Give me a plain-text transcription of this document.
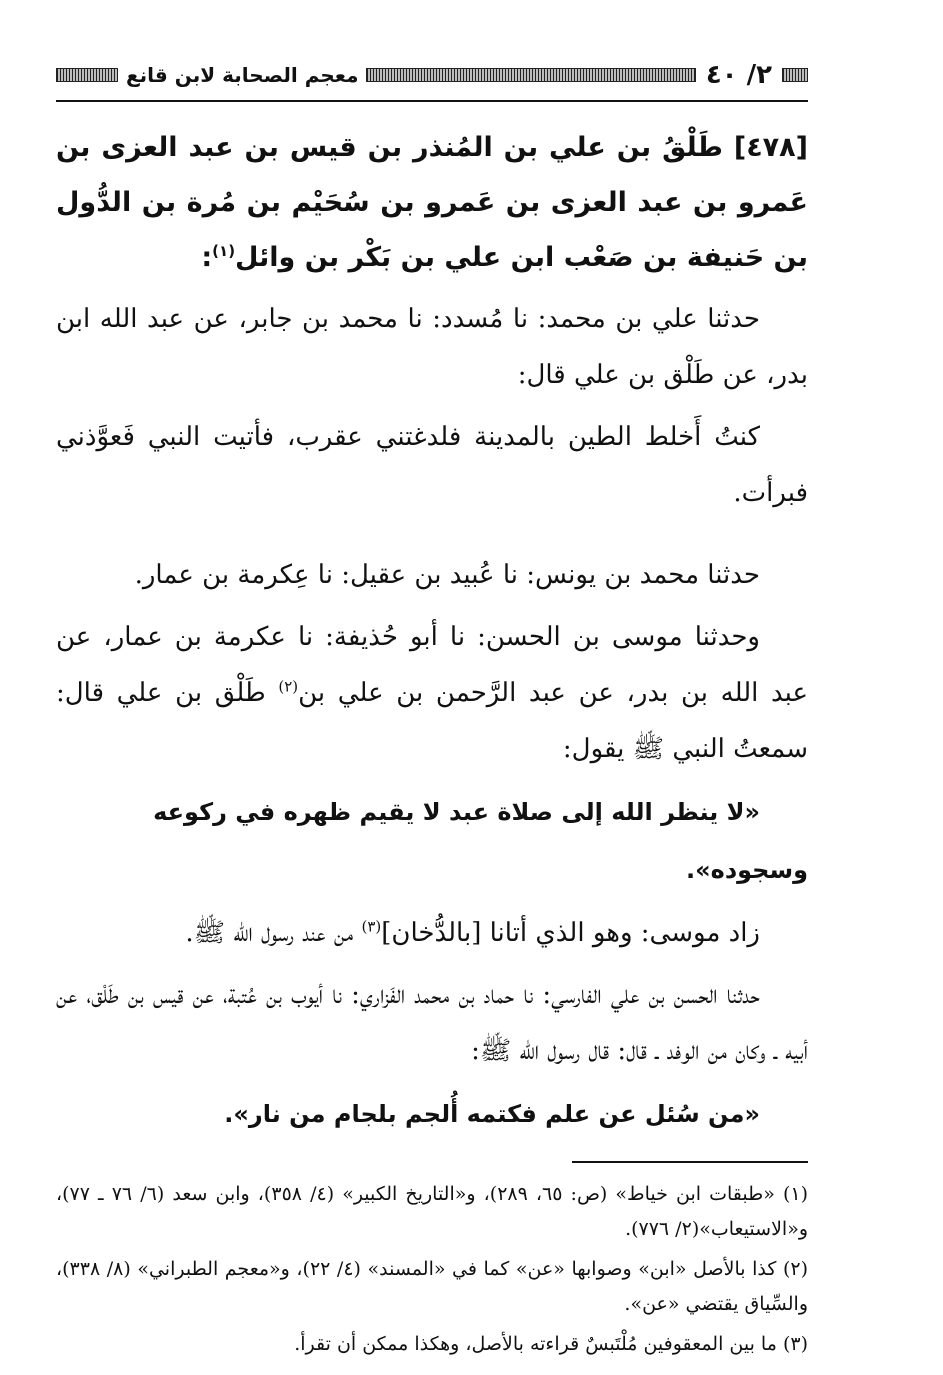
٢/ ٤٠
معجم الصحابة لابن قانع

[٤٧٨] طَلْقُ بن علي بن المُنذر بن قيس بن عبد العزى بن عَمرو بن عبد العزى بن عَمرو بن سُحَيْم بن مُرة بن الدُّول بن حَنيفة بن صَعْب ابن علي بن بَكْر بن وائل$^{(١)}$:

حدثنا علي بن محمد: نا مُسدد: نا محمد بن جابر، عن عبد الله ابن بدر، عن طَلْق بن علي قال:

كنتُ أَخلط الطين بالمدينة فلدغتني عقرب، فأتيت النبي فَعوَّذني فبرأت.

حدثنا محمد بن يونس: نا عُبيد بن عقيل: نا عِكرمة بن عمار.

وحدثنا موسى بن الحسن: نا أبو حُذيفة: نا عكرمة بن عمار، عن عبد الله بن بدر، عن عبد الرَّحمن بن علي بن$^{(٢)}$ طَلْق بن علي قال: سمعتُ النبي ﷺ يقول:

«لا ينظر الله إلى صلاة عبد لا يقيم ظهره في ركوعه وسجوده».

زاد موسى: وهو الذي أتانا [بالدُّخان]$^{(٣)}$ من عند رسول الله ﷺ.

حدثنا الحسن بن علي الفارسي: نا حماد بن محمد الفَزاري: نا أيوب بن عُتبة، عن قيس بن طَلْق، عن أبيه ـ وكان من الوفد ـ قال: قال رسول الله ﷺ:

«من سُئل عن علم فكتمه أُلجم بلجام من نار».

(١) «طبقات ابن خياط» (ص: ٦٥، ٢٨٩)، و«التاريخ الكبير» (٤/ ٣٥٨)، وابن سعد (٦/ ٧٦ ـ ٧٧)، و«الاستيعاب»(٢/ ٧٧٦).

(٢) كذا بالأصل «ابن» وصوابها «عن» كما في «المسند» (٤/ ٢٢)، و«معجم الطبراني» (٨/ ٣٣٨)، والسِّياق يقتضي «عن».

(٣) ما بين المعقوفين مُلْتَبسٌ قراءته بالأصل، وهكذا ممكن أن تقرأ.
